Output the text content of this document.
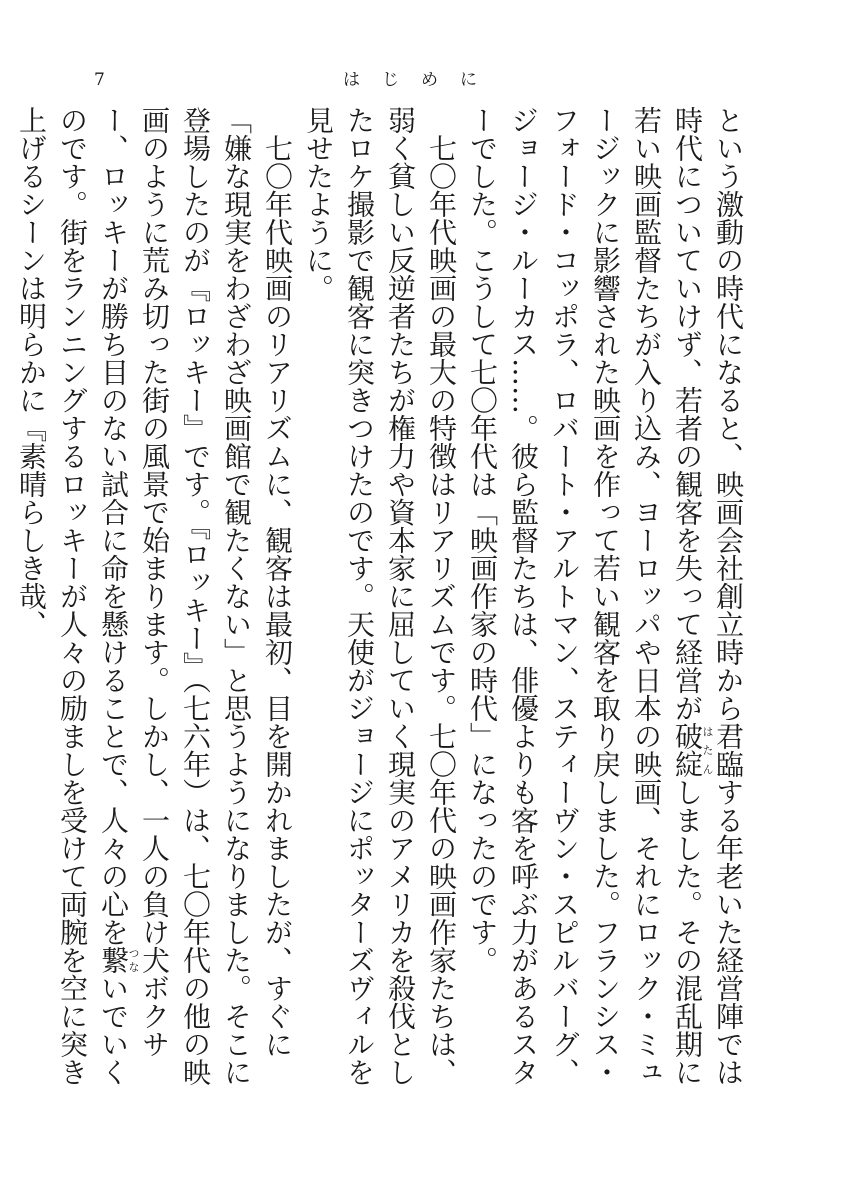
7	はじめに

という激動の時代になると、映画会社創立時から君臨する年老いた経営陣では時代についていけず、若者の観客を失って経営が破綻はたんしました。その混乱期に若い映画監督たちが入り込み、ヨーロッパや日本の映画、それにロック・ミュージックに影響された映画を作って若い観客を取り戻しました。フランシス・フォード・コッポラ、ロバート・アルトマン、スティーヴン・スピルバーグ、ジョージ・ルーカス……。彼ら監督たちは、俳優よりも客を呼ぶ力があるスターでした。こうして七〇年代は「映画作家の時代」になったのです。

七〇年代映画の最大の特徴はリアリズムです。七〇年代の映画作家たちは、弱く貧しい反逆者たちが権力や資本家に屈していく現実のアメリカを殺伐としたロケ撮影で観客に突きつけたのです。天使がジョージにポッターズヴィルを見せたように。

七〇年代映画のリアリズムに、観客は最初、目を開かれましたが、すぐに「嫌な現実をわざわざ映画館で観たくない」と思うようになりました。そこに登場したのが『ロッキー』です。『ロッキー』（七六年）は、七〇年代の他の映画のように荒み切った街の風景で始まります。しかし、一人の負け犬ボクサー、ロッキーが勝ち目のない試合に命を懸けることで、人々の心を繋つないでいくのです。街をランニングするロッキーが人々の励ましを受けて両腕を空に突き上げるシーンは明らかに『素晴らしき哉、
